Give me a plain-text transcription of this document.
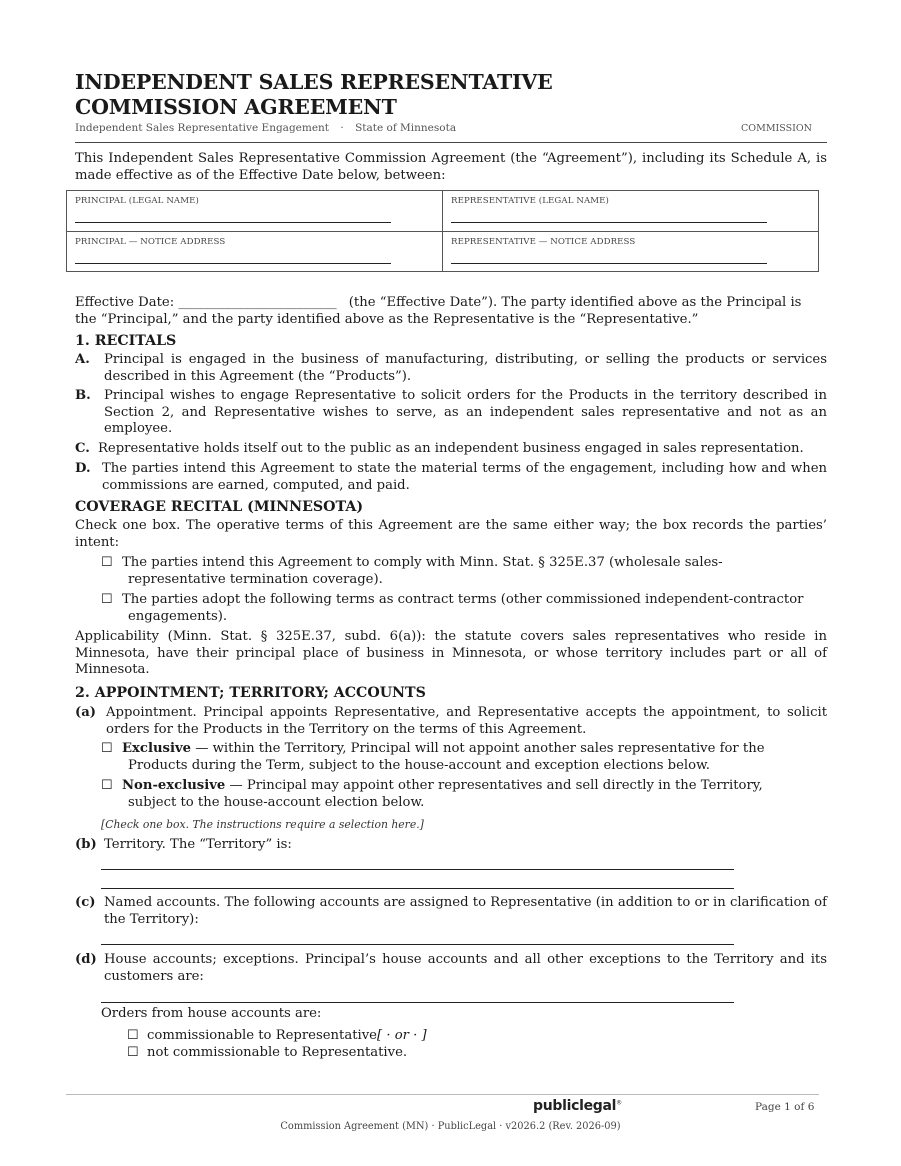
INDEPENDENT SALES REPRESENTATIVE
COMMISSION AGREEMENT
Independent Sales Representative Engagement · State of Minnesota	COMMISSION
This Independent Sales Representative Commission Agreement (the “Agreement”), including its Schedule A, is made effective as of the Effective Date below, between:
PRINCIPAL (LEGAL NAME)	REPRESENTATIVE (LEGAL NAME)

PRINCIPAL — NOTICE ADDRESS	REPRESENTATIVE — NOTICE ADDRESS
Effective Date: ________________________ (the “Effective Date”). The party identified above as the Principal is
the “Principal,” and the party identified above as the Representative is the “Representative.”
1. RECITALS
A. Principal is engaged in the business of manufacturing, distributing, or selling the products or services described in this Agreement (the “Products”).
B. Principal wishes to engage Representative to solicit orders for the Products in the territory described in Section 2, and Representative wishes to serve, as an independent sales representative and not as an employee.
C. Representative holds itself out to the public as an independent business engaged in sales representation.
D. The parties intend this Agreement to state the material terms of the engagement, including how and when commissions are earned, computed, and paid.
COVERAGE RECITAL (MINNESOTA)
Check one box. The operative terms of this Agreement are the same either way; the box records the parties’ intent:
☐ The parties intend this Agreement to comply with Minn. Stat. § 325E.37 (wholesale sales-
representative termination coverage).
☐ The parties adopt the following terms as contract terms (other commissioned independent-contractor
engagements).
Applicability (Minn. Stat. § 325E.37, subd. 6(a)): the statute covers sales representatives who reside in Minnesota, have their principal place of business in Minnesota, or whose territory includes part or all of Minnesota.
2. APPOINTMENT; TERRITORY; ACCOUNTS
(a) Appointment. Principal appoints Representative, and Representative accepts the appointment, to solicit orders for the Products in the Territory on the terms of this Agreement.
☐ Exclusive — within the Territory, Principal will not appoint another sales representative for the
Products during the Term, subject to the house-account and exception elections below.
☐ Non-exclusive — Principal may appoint other representatives and sell directly in the Territory,
subject to the house-account election below.
[Check one box. The instructions require a selection here.]
(b) Territory. The “Territory” is:
(c) Named accounts. The following accounts are assigned to Representative (in addition to or in clarification of the Territory):
(d) House accounts; exceptions. Principal’s house accounts and all other exceptions to the Territory and its customers are:
Orders from house accounts are:
☐ commissionable to Representative[ · or · ]
☐ not commissionable to Representative.
publiclegal®	Page 1 of 6
Commission Agreement (MN) · PublicLegal · v2026.2 (Rev. 2026-09)
